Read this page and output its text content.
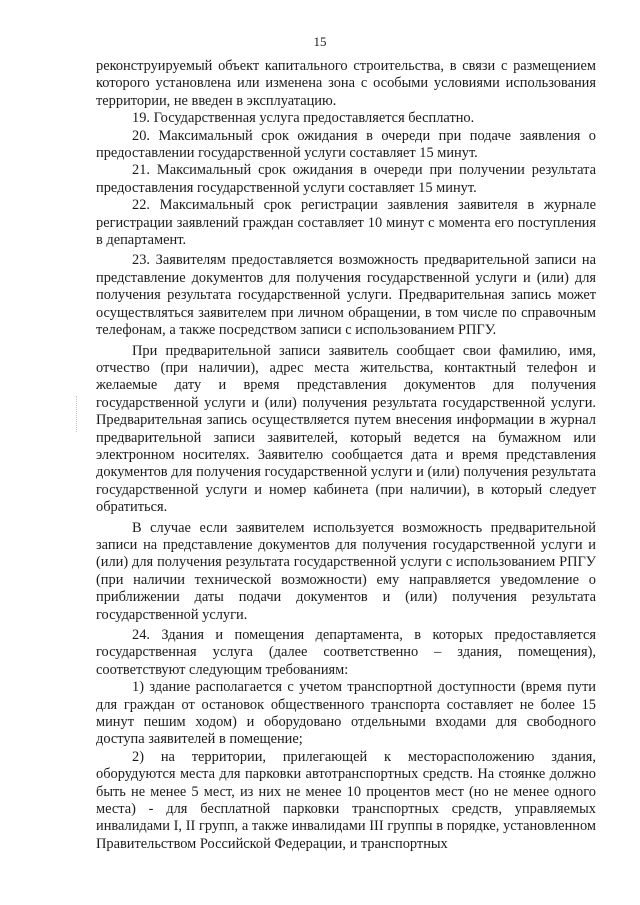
15

реконструируемый объект капитального строительства, в связи с размещением которого установлена или изменена зона с особыми условиями использования территории, не введен в эксплуатацию.

19. Государственная услуга предоставляется бесплатно.

20. Максимальный срок ожидания в очереди при подаче заявления о предоставлении государственной услуги составляет 15 минут.

21. Максимальный срок ожидания в очереди при получении результата предоставления государственной услуги составляет 15 минут.

22. Максимальный срок регистрации заявления заявителя в журнале регистрации заявлений граждан составляет 10 минут с момента его поступления в департамент.

23. Заявителям предоставляется возможность предварительной записи на представление документов для получения государственной услуги и (или) для получения результата государственной услуги. Предварительная запись может осуществляться заявителем при личном обращении, в том числе по справочным телефонам, а также посредством записи с использованием РПГУ.

При предварительной записи заявитель сообщает свои фамилию, имя, отчество (при наличии), адрес места жительства, контактный телефон и желаемые дату и время представления документов для получения государственной услуги и (или) получения результата государственной услуги. Предварительная запись осуществляется путем внесения информации в журнал предварительной записи заявителей, который ведется на бумажном или электронном носителях. Заявителю сообщается дата и время представления документов для получения государственной услуги и (или) получения результата государственной услуги и номер кабинета (при наличии), в который следует обратиться.

В случае если заявителем используется возможность предварительной записи на представление документов для получения государственной услуги и (или) для получения результата государственной услуги с использованием РПГУ (при наличии технической возможности) ему направляется уведомление о приближении даты подачи документов и (или) получения результата государственной услуги.

24. Здания и помещения департамента, в которых предоставляется государственная услуга (далее соответственно – здания, помещения), соответствуют следующим требованиям:

1) здание располагается с учетом транспортной доступности (время пути для граждан от остановок общественного транспорта составляет не более 15 минут пешим ходом) и оборудовано отдельными входами для свободного доступа заявителей в помещение;

2) на территории, прилегающей к месторасположению здания, оборудуются места для парковки автотранспортных средств. На стоянке должно быть не менее 5 мест, из них не менее 10 процентов мест (но не менее одного места) - для бесплатной парковки транспортных средств, управляемых инвалидами I, II групп, а также инвалидами III группы в порядке, установленном Правительством Российской Федерации, и транспортных
